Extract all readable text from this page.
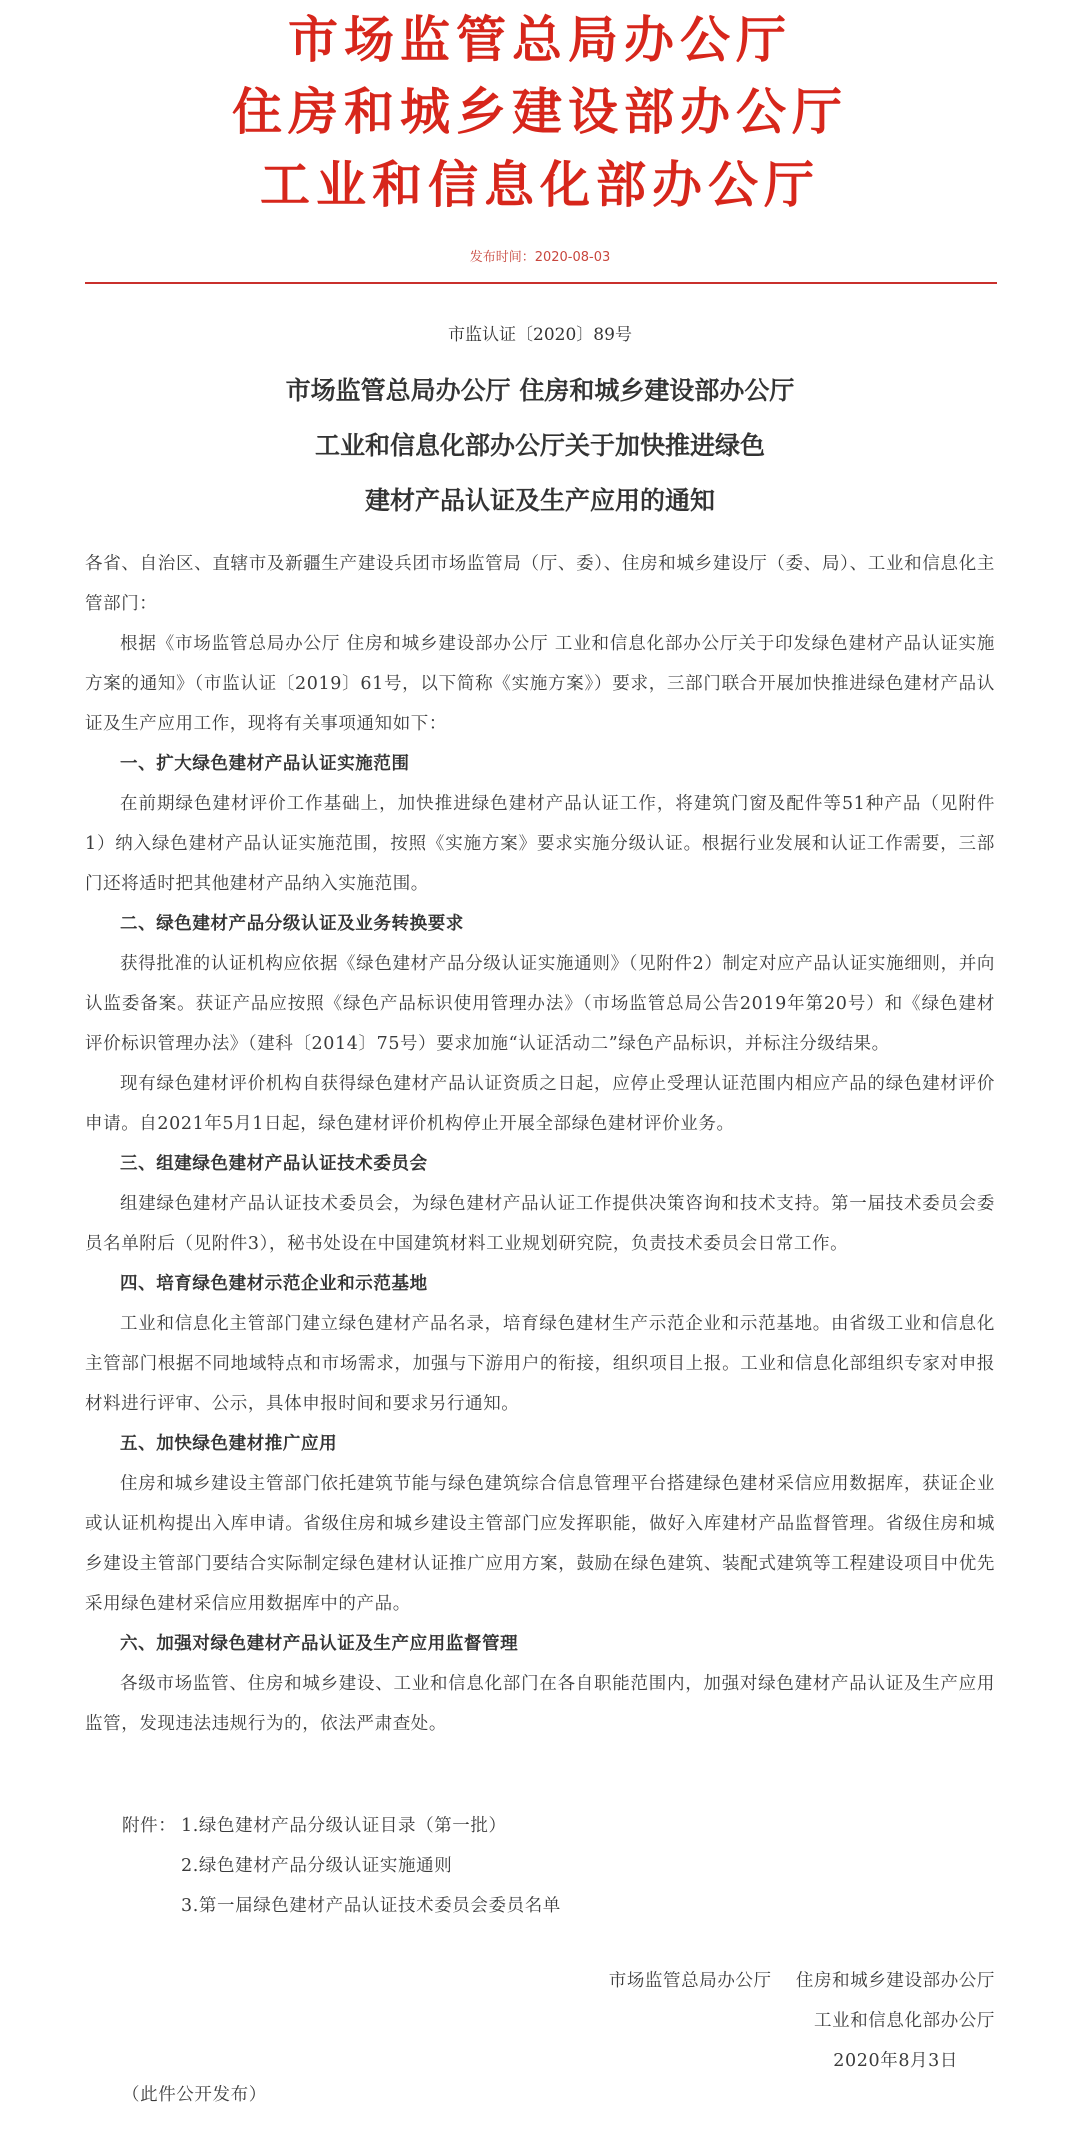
市场监管总局办公厅
住房和城乡建设部办公厅
工业和信息化部办公厅
发布时间：2020-08-03
市监认证〔2020〕89号
市场监管总局办公厅 住房和城乡建设部办公厅
工业和信息化部办公厅关于加快推进绿色
建材产品认证及生产应用的通知

各省、自治区、直辖市及新疆生产建设兵团市场监管局（厅、委）、住房和城乡建设厅（委、局）、工业和信息化主管部门：

根据《市场监管总局办公厅 住房和城乡建设部办公厅 工业和信息化部办公厅关于印发绿色建材产品认证实施方案的通知》（市监认证〔2019〕61号，以下简称《实施方案》）要求，三部门联合开展加快推进绿色建材产品认证及生产应用工作，现将有关事项通知如下：

一、扩大绿色建材产品认证实施范围

在前期绿色建材评价工作基础上，加快推进绿色建材产品认证工作，将建筑门窗及配件等51种产品（见附件1）纳入绿色建材产品认证实施范围，按照《实施方案》要求实施分级认证。根据行业发展和认证工作需要，三部门还将适时把其他建材产品纳入实施范围。

二、绿色建材产品分级认证及业务转换要求

获得批准的认证机构应依据《绿色建材产品分级认证实施通则》（见附件2）制定对应产品认证实施细则，并向认监委备案。获证产品应按照《绿色产品标识使用管理办法》（市场监管总局公告2019年第20号）和《绿色建材评价标识管理办法》（建科〔2014〕75号）要求加施“认证活动二”绿色产品标识，并标注分级结果。

现有绿色建材评价机构自获得绿色建材产品认证资质之日起，应停止受理认证范围内相应产品的绿色建材评价申请。自2021年5月1日起，绿色建材评价机构停止开展全部绿色建材评价业务。

三、组建绿色建材产品认证技术委员会

组建绿色建材产品认证技术委员会，为绿色建材产品认证工作提供决策咨询和技术支持。第一届技术委员会委员名单附后（见附件3），秘书处设在中国建筑材料工业规划研究院，负责技术委员会日常工作。

四、培育绿色建材示范企业和示范基地

工业和信息化主管部门建立绿色建材产品名录，培育绿色建材生产示范企业和示范基地。由省级工业和信息化主管部门根据不同地域特点和市场需求，加强与下游用户的衔接，组织项目上报。工业和信息化部组织专家对申报材料进行评审、公示，具体申报时间和要求另行通知。

五、加快绿色建材推广应用

住房和城乡建设主管部门依托建筑节能与绿色建筑综合信息管理平台搭建绿色建材采信应用数据库，获证企业或认证机构提出入库申请。省级住房和城乡建设主管部门应发挥职能，做好入库建材产品监督管理。省级住房和城乡建设主管部门要结合实际制定绿色建材认证推广应用方案，鼓励在绿色建筑、装配式建筑等工程建设项目中优先采用绿色建材采信应用数据库中的产品。

六、加强对绿色建材产品认证及生产应用监督管理

各级市场监管、住房和城乡建设、工业和信息化部门在各自职能范围内，加强对绿色建材产品认证及生产应用监管，发现违法违规行为的，依法严肃查处。

附件： 1.绿色建材产品分级认证目录（第一批）
2.绿色建材产品分级认证实施通则
3.第一届绿色建材产品认证技术委员会委员名单
市场监管总局办公厅　 住房和城乡建设部办公厅
工业和信息化部办公厅
2020年8月3日
（此件公开发布）
